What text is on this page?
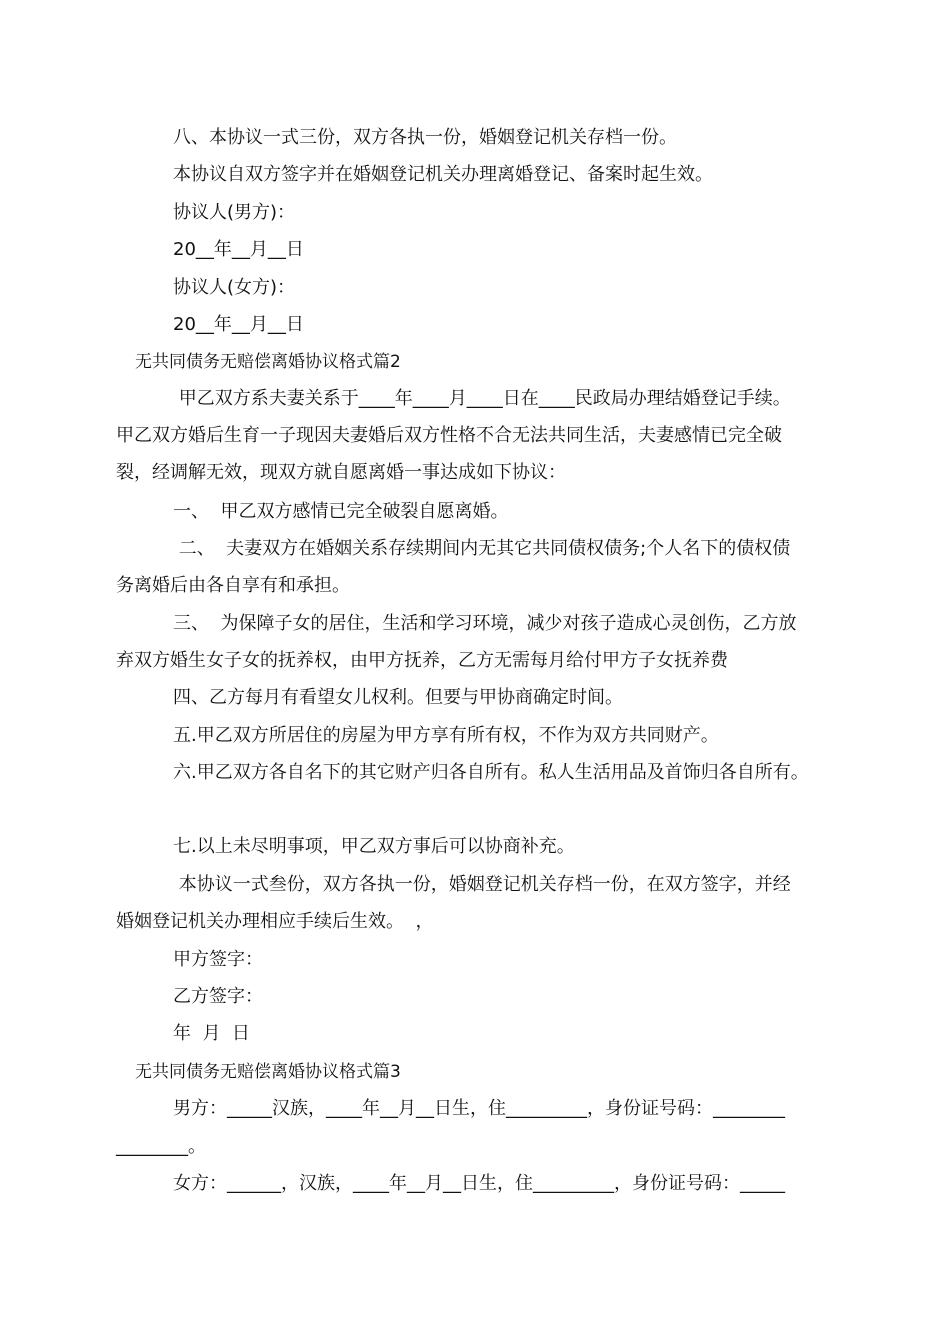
八、本协议一式三份，双方各执一份，婚姻登记机关存档一份。
本协议自双方签字并在婚姻登记机关办理离婚登记、备案时起生效。
协议人(男方)：
20__年__月__日
协议人(女方)：
20__年__月__日
无共同债务无赔偿离婚协议格式篇2
甲乙双方系夫妻关系于____年____月____日在____民政局办理结婚登记手续。
甲乙双方婚后生育一子现因夫妻婚后双方性格不合无法共同生活，夫妻感情已完全破
裂，经调解无效，现双方就自愿离婚一事达成如下协议：
一、  甲乙双方感情已完全破裂自愿离婚。
二、  夫妻双方在婚姻关系存续期间内无其它共同债权债务;个人名下的债权债
务离婚后由各自享有和承担。
三、  为保障子女的居住，生活和学习环境，减少对孩子造成心灵创伤，乙方放
弃双方婚生女子女的抚养权，由甲方抚养，乙方无需每月给付甲方子女抚养费
四、乙方每月有看望女儿权利。但要与甲协商确定时间。
五.甲乙双方所居住的房屋为甲方享有所有权，不作为双方共同财产。
六.甲乙双方各自名下的其它财产归各自所有。私人生活用品及首饰归各自所有。
七.以上未尽明事项，甲乙双方事后可以协商补充。
本协议一式叁份，双方各执一份，婚姻登记机关存档一份，在双方签字，并经
婚姻登记机关办理相应手续后生效。  ，
甲方签字：
乙方签字：
年  月  日
无共同债务无赔偿离婚协议格式篇3
男方：_____汉族，____年__月__日生，住_________，身份证号码：________
________。
女方：______，汉族，____年__月__日生，住_________，身份证号码：_____
